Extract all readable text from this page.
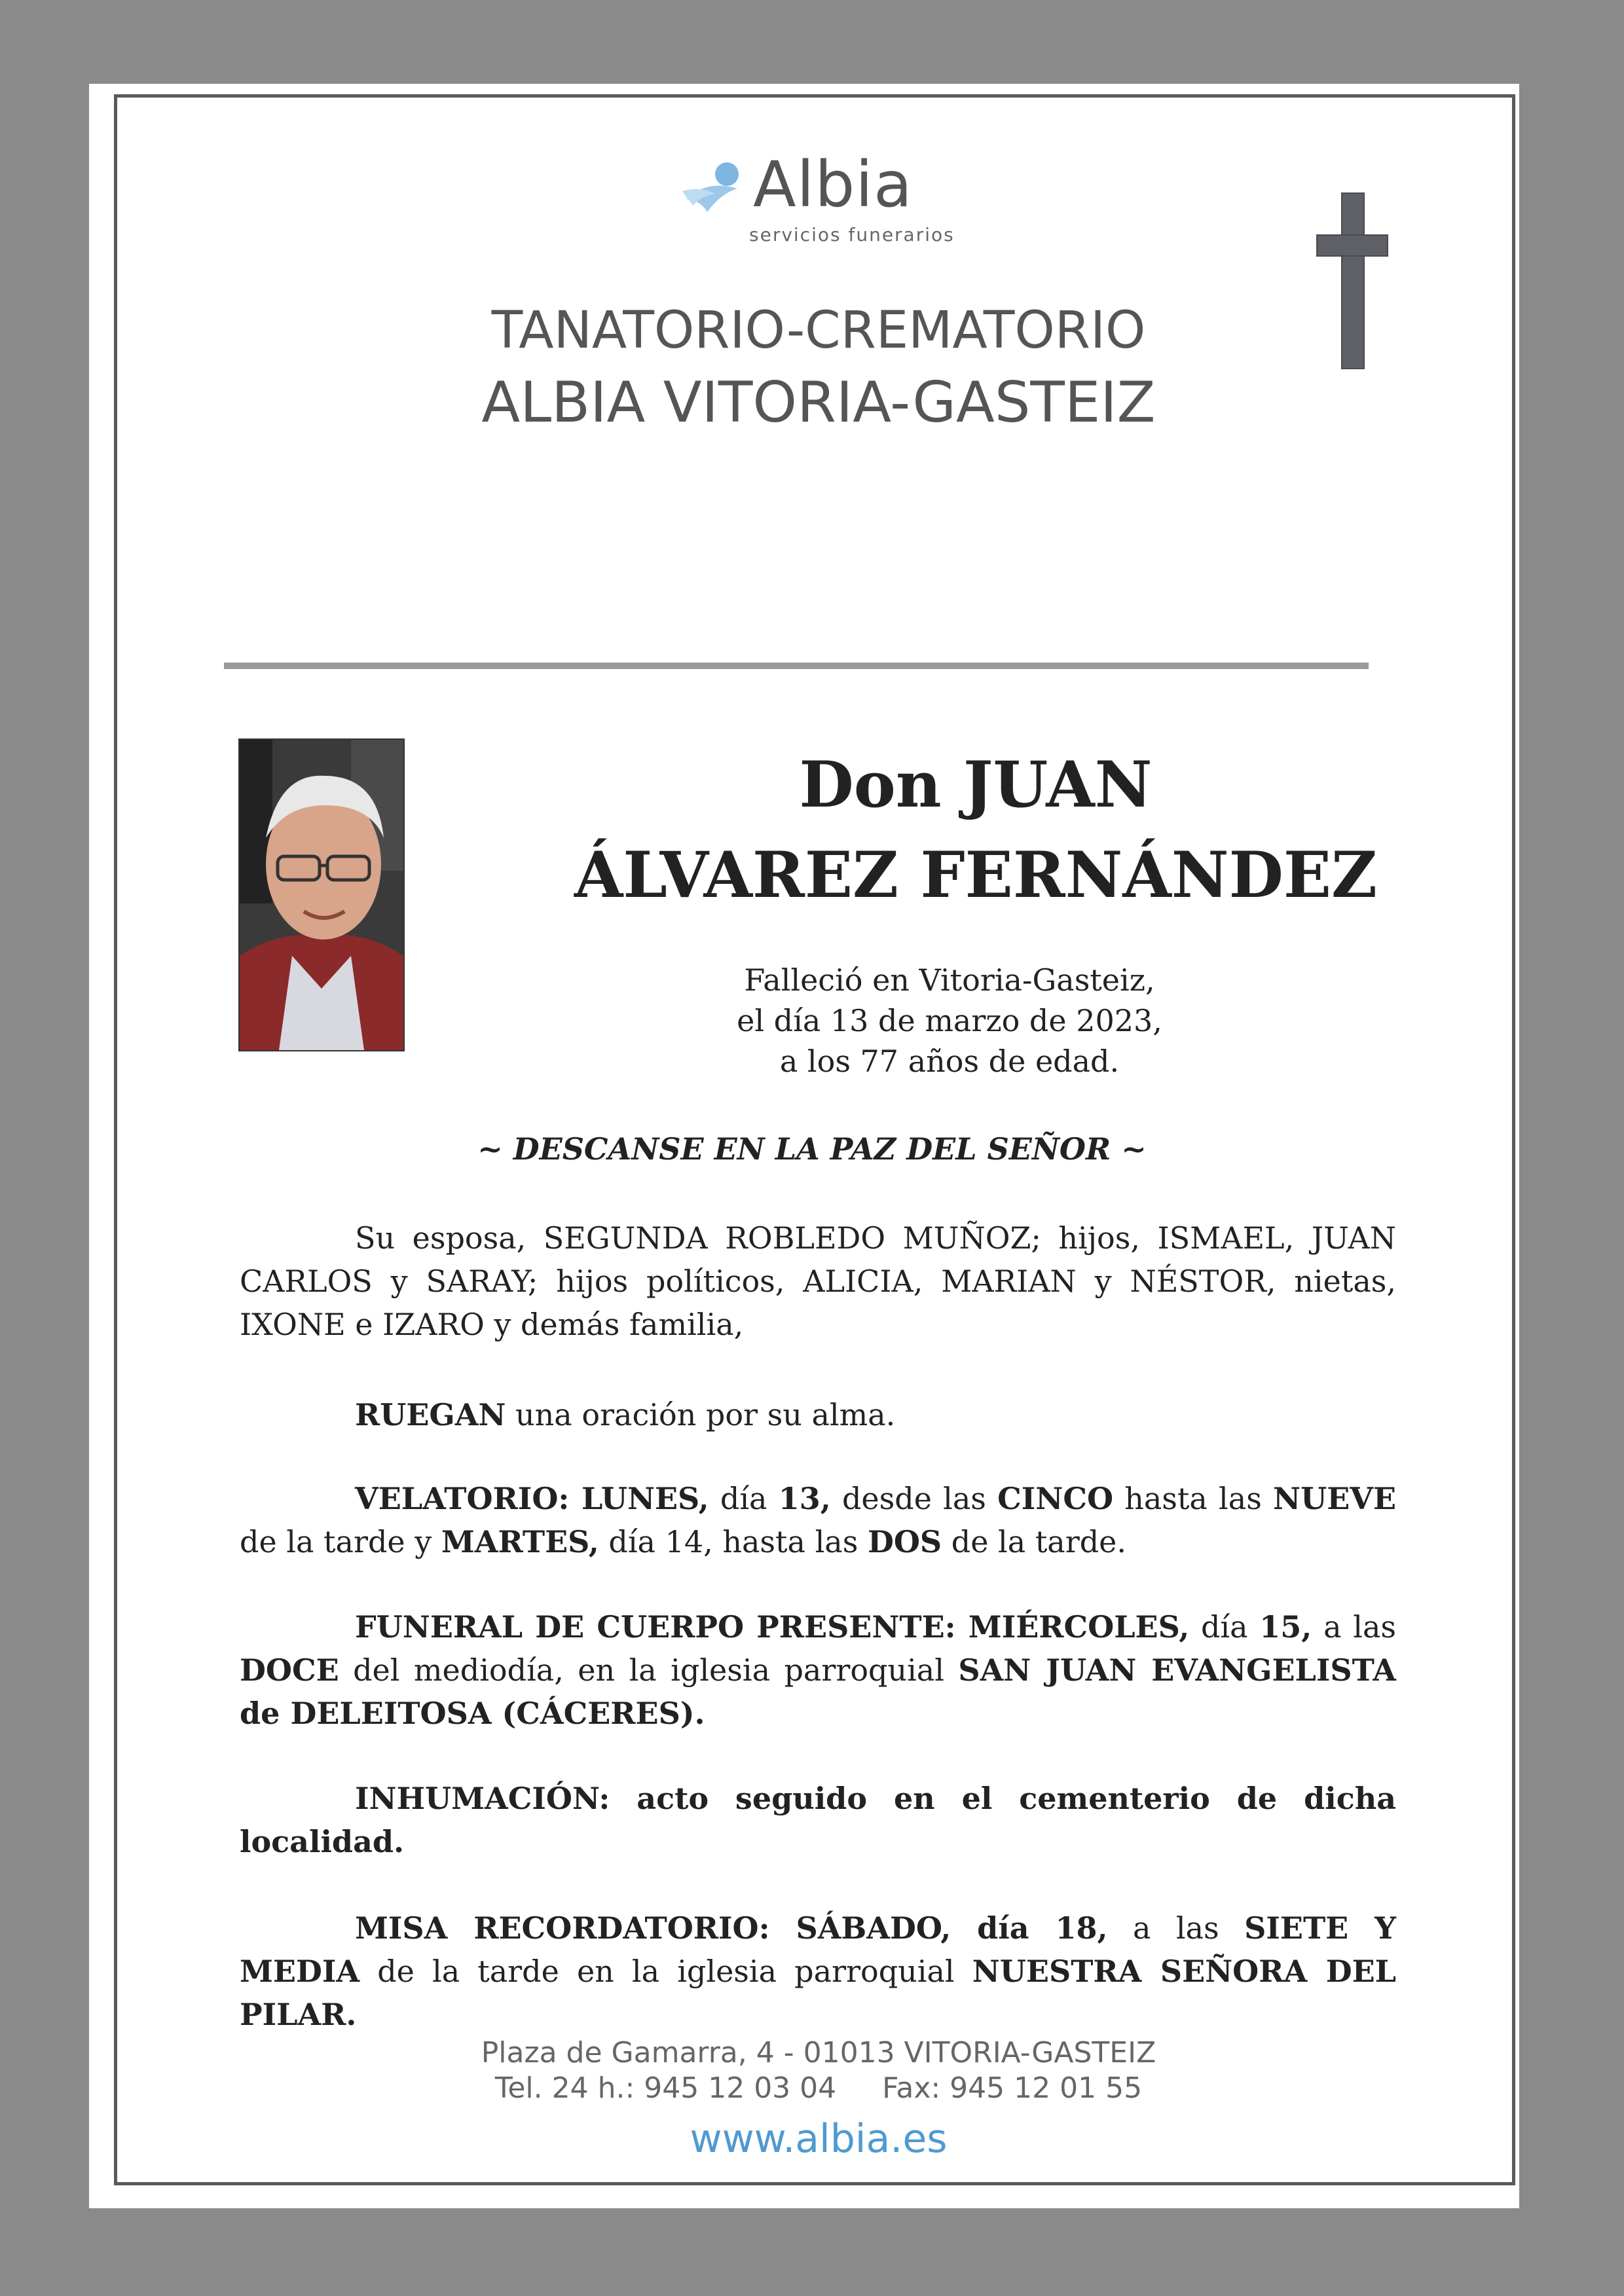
Albia
servicios funerarios
TANATORIO-CREMATORIO
ALBIA VITORIA-GASTEIZ
Don JUAN
ÁLVAREZ FERNÁNDEZ
Falleció en Vitoria-Gasteiz,
el día 13 de marzo de 2023,
a los 77 años de edad.
~ DESCANSE EN LA PAZ DEL SEÑOR ~

Su esposa, SEGUNDA ROBLEDO MUÑOZ; hijos, ISMAEL, JUAN CARLOS y SARAY; hijos políticos, ALICIA, MARIAN y NÉSTOR, nietas, IXONE e IZARO y demás familia,

RUEGAN una oración por su alma.

VELATORIO: LUNES, día 13, desde las CINCO hasta las NUEVE de la tarde y MARTES, día 14, hasta las DOS de la tarde.

FUNERAL DE CUERPO PRESENTE: MIÉRCOLES, día 15, a las DOCE del mediodía, en la iglesia parroquial SAN JUAN EVANGELISTA de DELEITOSA (CÁCERES).

INHUMACIÓN: acto seguido en el cementerio de dicha localidad.

MISA RECORDATORIO: SÁBADO, día 18, a las SIETE Y MEDIA de la tarde en la iglesia parroquial NUESTRA SEÑORA DEL PILAR.

Plaza de Gamarra, 4 - 01013 VITORIA-GASTEIZ
Tel. 24 h.: 945 12 03 04     Fax: 945 12 01 55
www.albia.es
